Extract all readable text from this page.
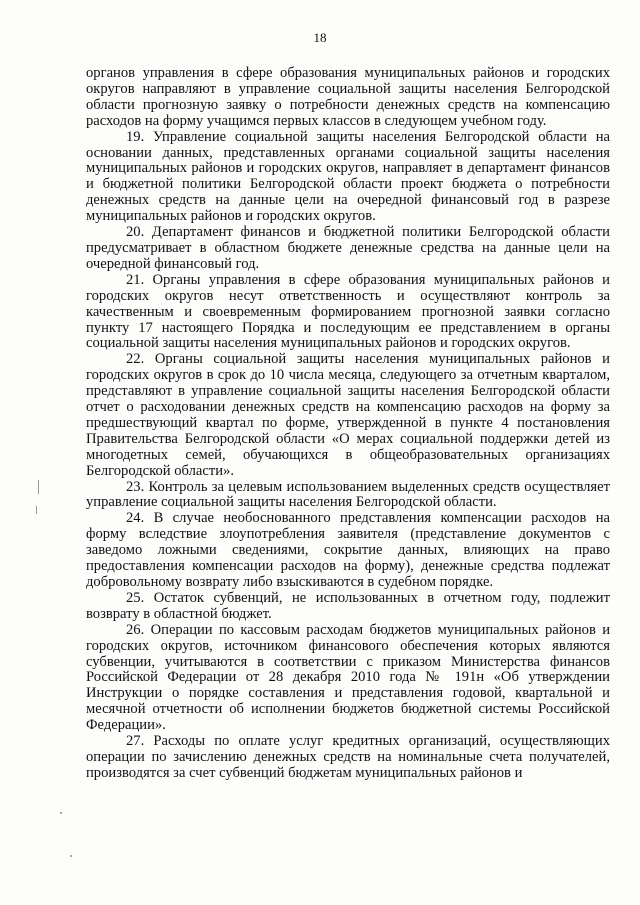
18

органов управления в сфере образования муниципальных районов и городских округов направляют в управление социальной защиты населения Белгородской области прогнозную заявку о потребности денежных средств на компенсацию расходов на форму учащимся первых классов в следующем учебном году.

19. Управление социальной защиты населения Белгородской области на основании данных, представленных органами социальной защиты населения муниципальных районов и городских округов, направляет в департамент финансов и бюджетной политики Белгородской области проект бюджета о потребности денежных средств на данные цели на очередной финансовый год в разрезе муниципальных районов и городских округов.

20. Департамент финансов и бюджетной политики Белгородской области предусматривает в областном бюджете денежные средства на данные цели на очередной финансовый год.

21. Органы управления в сфере образования муниципальных районов и городских округов несут ответственность и осуществляют контроль за качественным и своевременным формированием прогнозной заявки согласно пункту 17 настоящего Порядка и последующим ее представлением в органы социальной защиты населения муниципальных районов и городских округов.

22. Органы социальной защиты населения муниципальных районов и городских округов в срок до 10 числа месяца, следующего за отчетным кварталом, представляют в управление социальной защиты населения Белгородской области отчет о расходовании денежных средств на компенсацию расходов на форму за предшествующий квартал по форме, утвержденной в пункте 4 постановления Правительства Белгородской области «О мерах социальной поддержки детей из многодетных семей, обучающихся в общеобразовательных организациях Белгородской области».

23. Контроль за целевым использованием выделенных средств осуществляет управление социальной защиты населения Белгородской области.

24. В случае необоснованного представления компенсации расходов на форму вследствие злоупотребления заявителя (представление документов с заведомо ложными сведениями, сокрытие данных, влияющих на право предоставления компенсации расходов на форму), денежные средства подлежат добровольному возврату либо взыскиваются в судебном порядке.

25. Остаток субвенций, не использованных в отчетном году, подлежит возврату в областной бюджет.

26. Операции по кассовым расходам бюджетов муниципальных районов и городских округов, источником финансового обеспечения которых являются субвенции, учитываются в соответствии с приказом Министерства финансов Российской Федерации от 28 декабря 2010 года № 191н «Об утверждении Инструкции о порядке составления и представления годовой, квартальной и месячной отчетности об исполнении бюджетов бюджетной системы Российской Федерации».

27. Расходы по оплате услуг кредитных организаций, осуществляющих операции по зачислению денежных средств на номинальные счета получателей, производятся за счет субвенций бюджетам муниципальных районов и
